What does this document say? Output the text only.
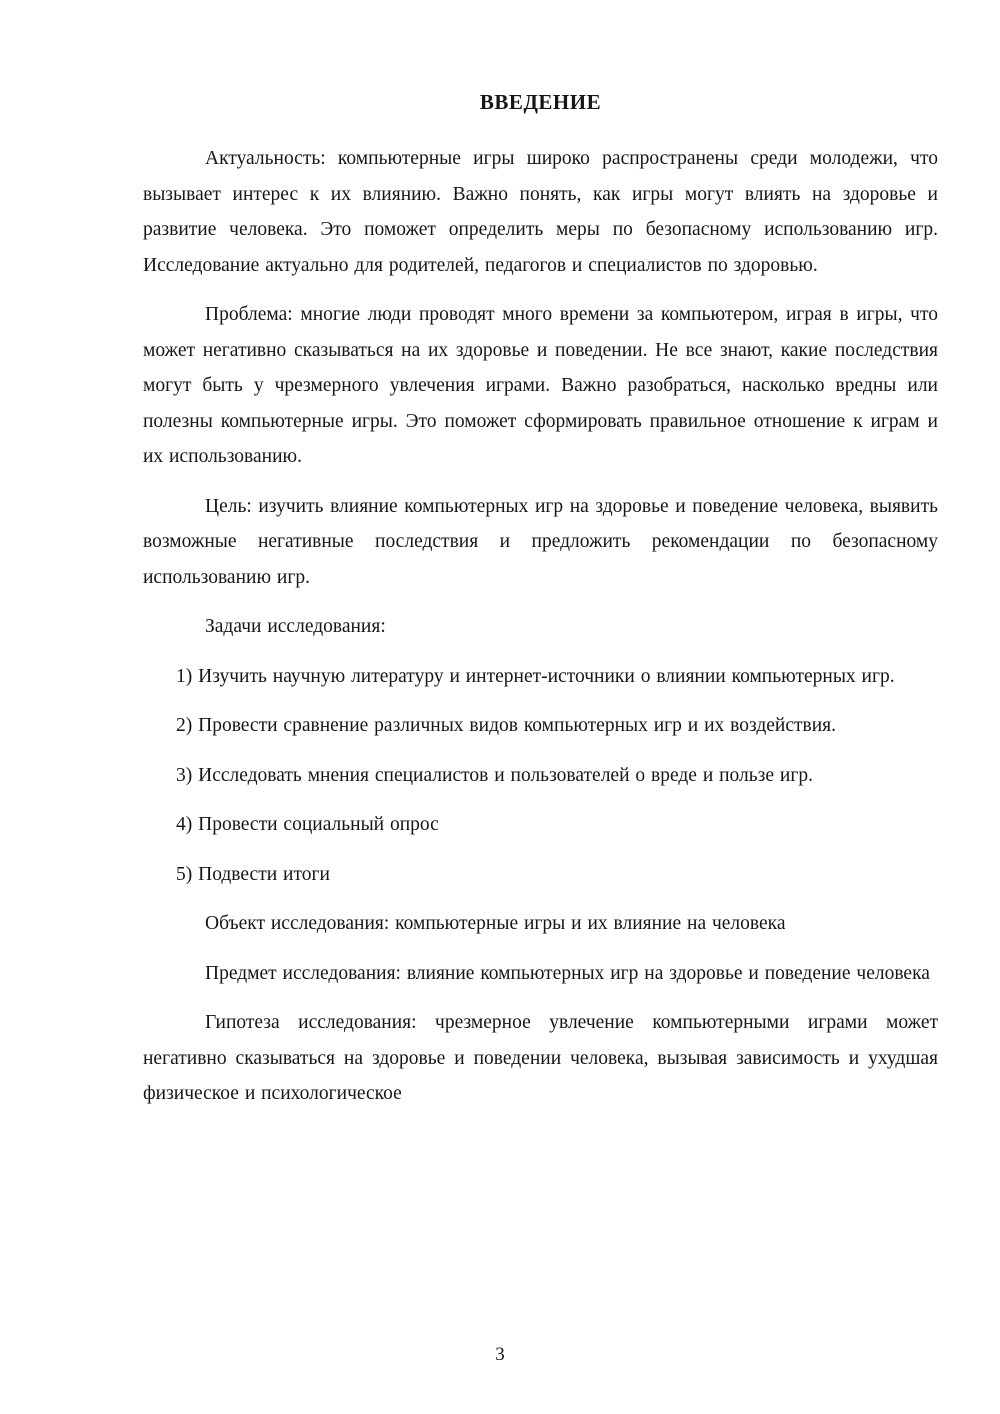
ВВЕДЕНИЕ

Актуальность: компьютерные игры широко распространены среди молодежи, что вызывает интерес к их влиянию. Важно понять, как игры могут влиять на здоровье и развитие человека. Это поможет определить меры по безопасному использованию игр. Исследование актуально для родителей, педагогов и специалистов по здоровью.

Проблема: многие люди проводят много времени за компьютером, играя в игры, что может негативно сказываться на их здоровье и поведении. Не все знают, какие последствия могут быть у чрезмерного увлечения играми. Важно разобраться, насколько вредны или полезны компьютерные игры. Это поможет сформировать правильное отношение к играм и их использованию.

Цель: изучить влияние компьютерных игр на здоровье и поведение человека, выявить возможные негативные последствия и предложить рекомендации по безопасному использованию игр.

Задачи исследования:

1) Изучить научную литературу и интернет-источники о влиянии компьютерных игр.

2) Провести сравнение различных видов компьютерных игр и их воздействия.

3) Исследовать мнения специалистов и пользователей о вреде и пользе игр.

4) Провести социальный опрос

5) Подвести итоги

Объект исследования: компьютерные игры и их влияние на человека

Предмет исследования: влияние компьютерных игр на здоровье и поведение человека

Гипотеза исследования: чрезмерное увлечение компьютерными играми может негативно сказываться на здоровье и поведении человека, вызывая зависимость и ухудшая физическое и психологическое

3
